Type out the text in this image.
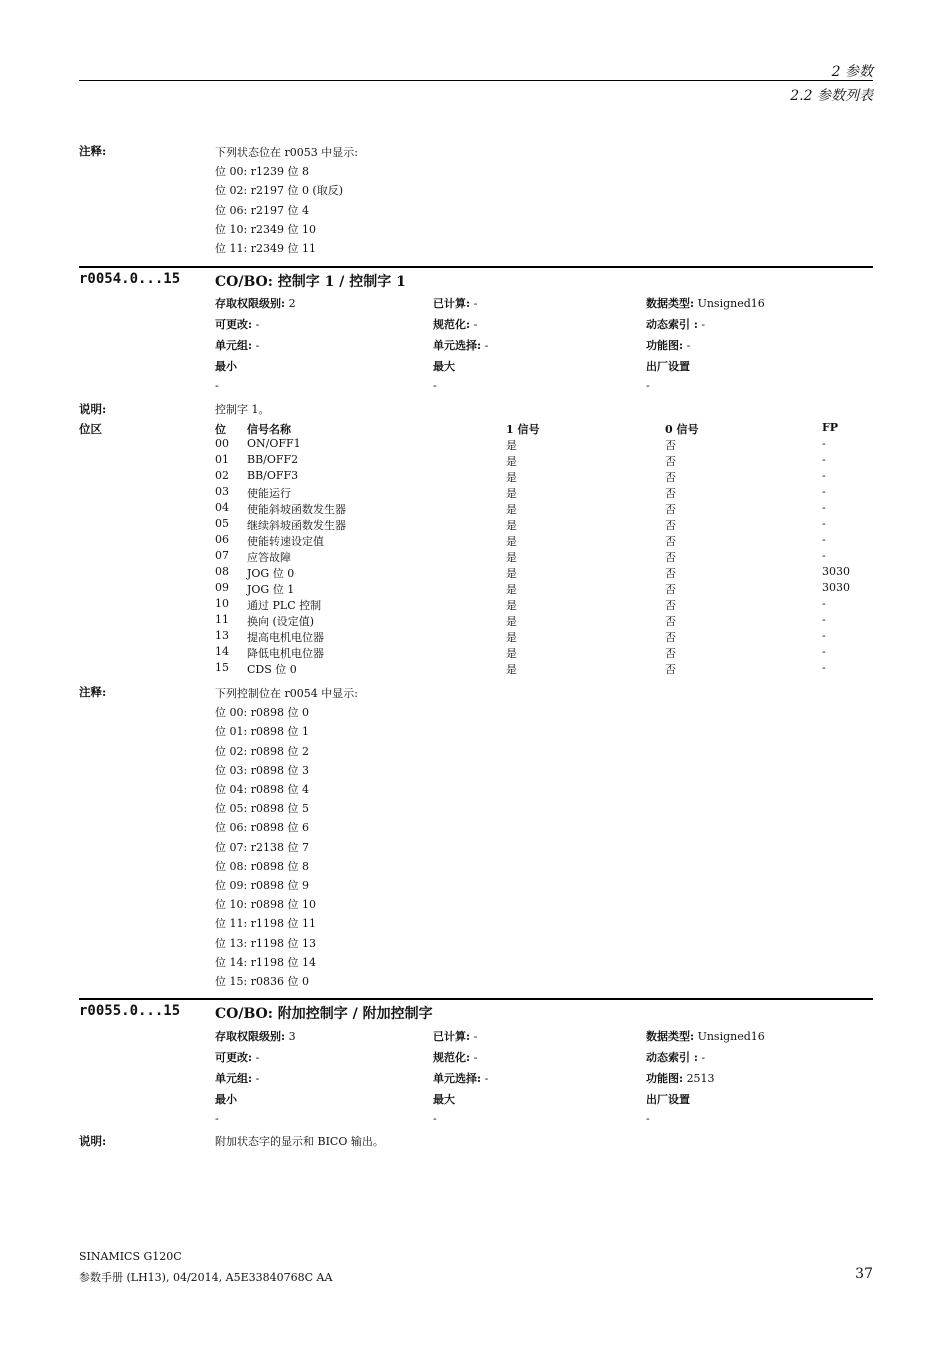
2 参数
2.2 参数列表
注释:	下列状态位在 r0053 中显示:
位 00: r1239 位 8
位 02: r2197 位 0 (取反)
位 06: r2197 位 4
位 10: r2349 位 10
位 11: r2349 位 11
r0054.0...15 CO/BO: 控制字 1 / 控制字 1
存取权限级别: 2	已计算: -	数据类型: Unsigned16
可更改: -	规范化: -	动态索引 : -
单元组: -	单元选择: -	功能图: -
最小	最大	出厂设置
-	-	-
说明:	控制字 1。
位区	位 信号名称	1 信号	0 信号	FP
00 ON/OFF1	是	否	-
01 BB/OFF2	是	否	-
02 BB/OFF3	是	否	-
03 使能运行	是	否	-
04 使能斜坡函数发生器	是	否	-
05 继续斜坡函数发生器	是	否	-
06 使能转速设定值	是	否	-
07 应答故障	是	否	-
08 JOG 位 0	是	否	3030
09 JOG 位 1	是	否	3030
10 通过 PLC 控制	是	否	-
11 换向 (设定值)	是	否	-
13 提高电机电位器	是	否	-
14 降低电机电位器	是	否	-
15 CDS 位 0	是	否	-
注释:	下列控制位在 r0054 中显示:
位 00: r0898 位 0
位 01: r0898 位 1
位 02: r0898 位 2
位 03: r0898 位 3
位 04: r0898 位 4
位 05: r0898 位 5
位 06: r0898 位 6
位 07: r2138 位 7
位 08: r0898 位 8
位 09: r0898 位 9
位 10: r0898 位 10
位 11: r1198 位 11
位 13: r1198 位 13
位 14: r1198 位 14
位 15: r0836 位 0
r0055.0...15 CO/BO: 附加控制字 / 附加控制字
存取权限级别: 3	已计算: -	数据类型: Unsigned16
可更改: -	规范化: -	动态索引 : -
单元组: -	单元选择: -	功能图: 2513
最小	最大	出厂设置
-	-	-
说明:	附加状态字的显示和 BICO 输出。
SINAMICS G120C
参数手册 (LH13), 04/2014, A5E33840768C AA	37
